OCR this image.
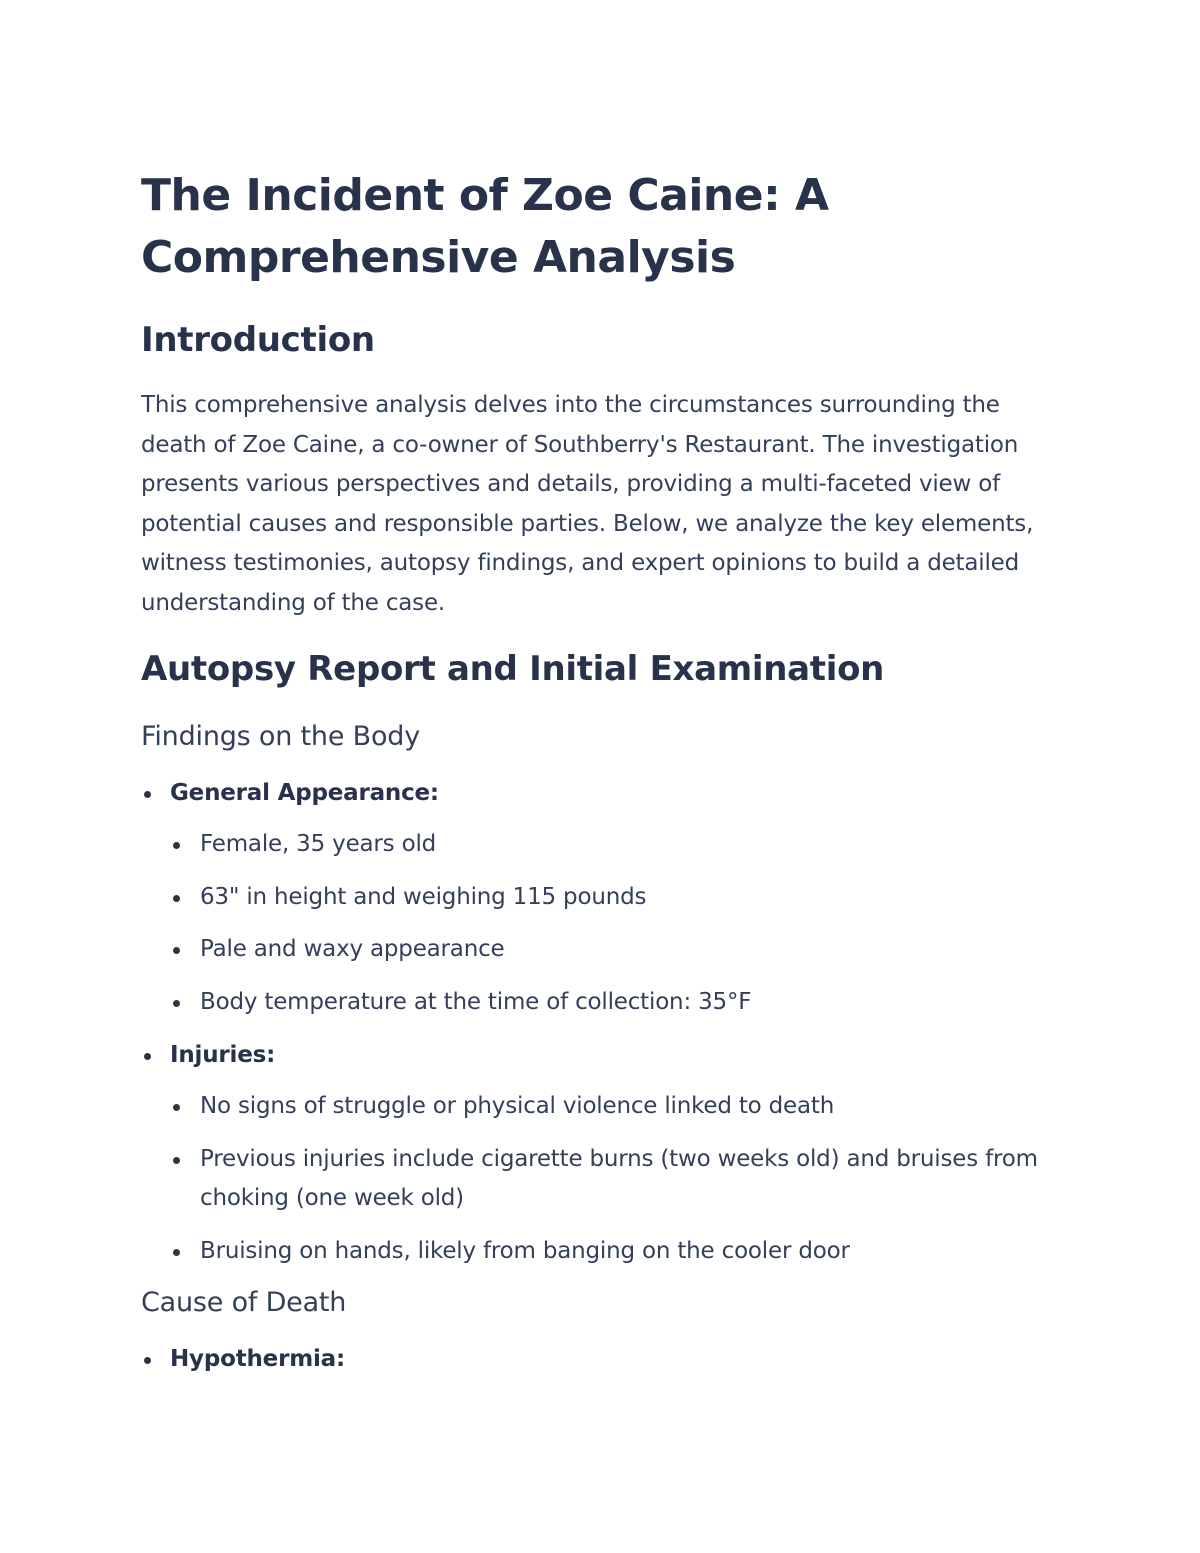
The Incident of Zoe Caine: A Comprehensive Analysis
Introduction

This comprehensive analysis delves into the circumstances surrounding the death of Zoe Caine, a co-owner of Southberry's Restaurant. The investigation presents various perspectives and details, providing a multi-faceted view of potential causes and responsible parties. Below, we analyze the key elements, witness testimonies, autopsy findings, and expert opinions to build a detailed understanding of the case.

Autopsy Report and Initial Examination
Findings on the Body
General Appearance:
Female, 35 years old
63" in height and weighing 115 pounds
Pale and waxy appearance
Body temperature at the time of collection: 35°F
Injuries:
No signs of struggle or physical violence linked to death
Previous injuries include cigarette burns (two weeks old) and bruises from choking (one week old)
Bruising on hands, likely from banging on the cooler door
Cause of Death
Hypothermia:
